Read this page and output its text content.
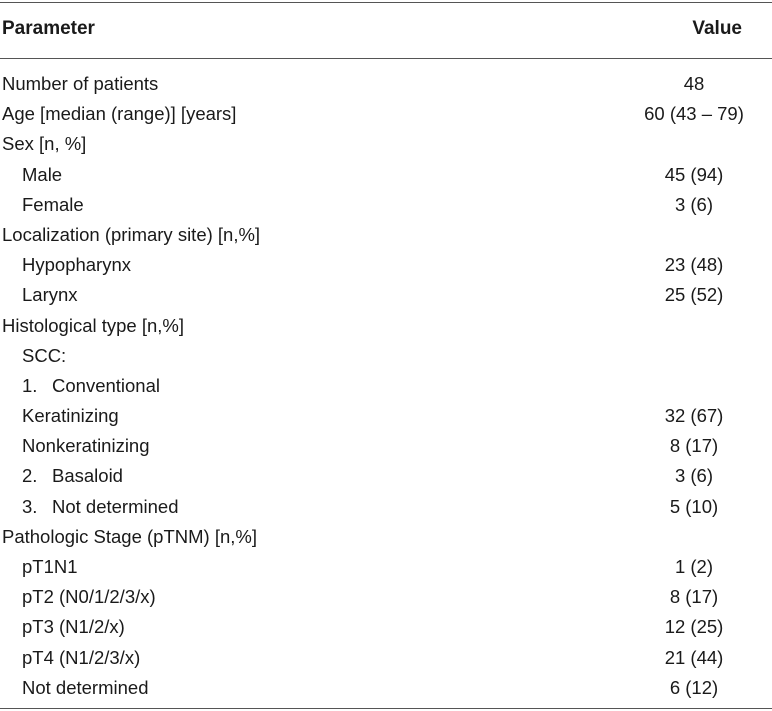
Parameter	Value
Number of patients	48
Age [median (range)] [years]	60 (43 – 79)
Sex [n, %]
Male	45 (94)
Female	3 (6)
Localization (primary site) [n,%]
Hypopharynx	23 (48)
Larynx	25 (52)
Histological type [n,%]
SCC:
1. Conventional
Keratinizing	32 (67)
Nonkeratinizing	8 (17)
2. Basaloid	3 (6)
3. Not determined	5 (10)
Pathologic Stage (pTNM) [n,%]
pT1N1	1 (2)
pT2 (N0/1/2/3/x)	8 (17)
pT3 (N1/2/x)	12 (25)
pT4 (N1/2/3/x)	21 (44)
Not determined	6 (12)
